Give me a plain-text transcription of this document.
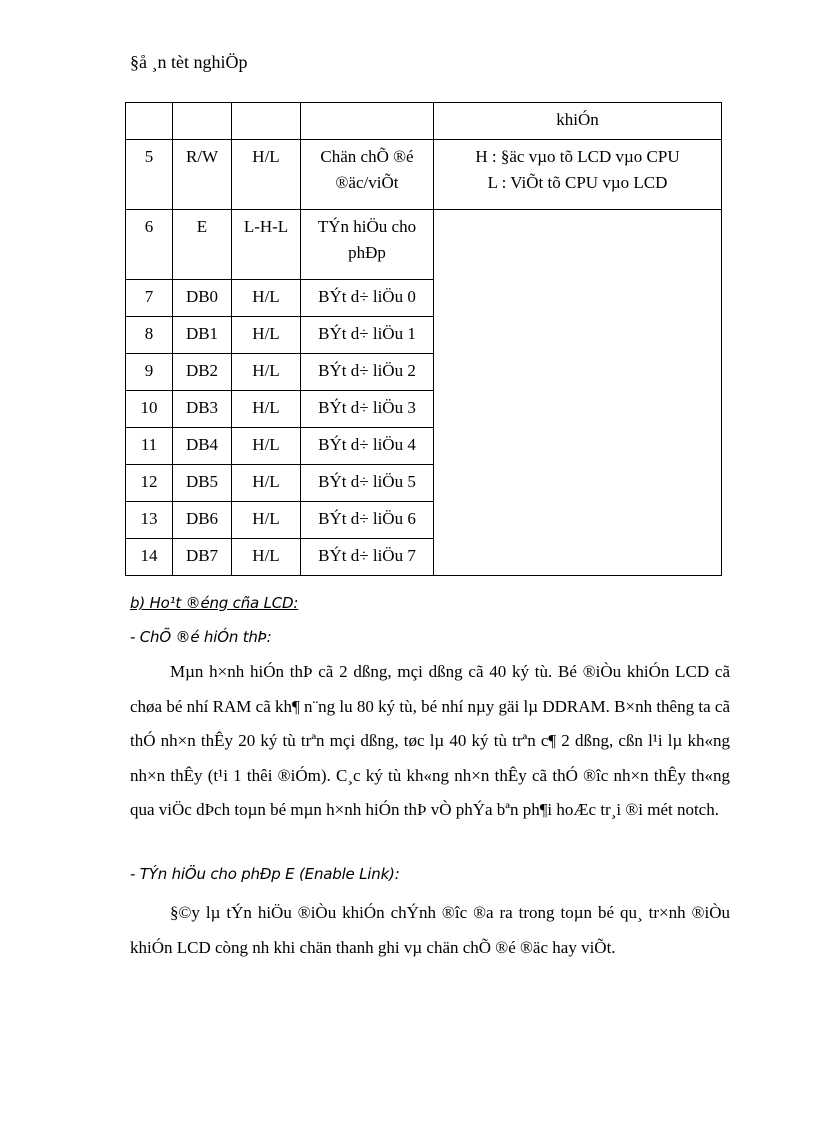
§å ¸n tèt nghiÖp
				khiÓn
5	R/W	H/L	Chän chÕ ®é ®äc/viÕt	H : §äc vµo tõ LCD vµo CPU
L : ViÕt tõ CPU vµo LCD
6	E	L-H-L	TÝn hiÖu cho phÐp	
7	DB0	H/L	BÝt d÷ liÖu 0	
8	DB1	H/L	BÝt d÷ liÖu 1	
9	DB2	H/L	BÝt d÷ liÖu 2	
10	DB3	H/L	BÝt d÷ liÖu 3	
11	DB4	H/L	BÝt d÷ liÖu 4	
12	DB5	H/L	BÝt d÷ liÖu 5	
13	DB6	H/L	BÝt d÷ liÖu 6	
14	DB7	H/L	BÝt d÷ liÖu 7	
b) Ho¹t ®éng cña LCD:
- ChÕ ®é hiÓn thÞ:
Mµn h×nh hiÓn thÞ cã 2 dßng, mçi dßng cã 40 ký tù. Bé ®iÒu khiÓn LCD cã chøa bé nhí RAM cã kh¶ n¨ng lu 80 ký tù, bé nhí nµy gäi lµ DDRAM. B×nh thêng ta cã thÓ nh×n thÊy 20 ký tù trªn mçi dßng, tøc lµ 40 ký tù trªn c¶ 2 dßng, cßn l¹i lµ kh«ng nh×n thÊy (t¹i 1 thêi ®iÓm). C¸c ký tù kh«ng nh×n thÊy cã thÓ ®îc nh×n thÊy th«ng qua viÖc dÞch toµn bé mµn h×nh hiÓn thÞ vÒ phÝa bªn ph¶i hoÆc tr¸i ®i mét notch.
- TÝn hiÖu cho phÐp E (Enable Link):
§©y lµ tÝn hiÖu ®iÒu khiÓn chÝnh ®îc ®a ra trong toµn bé qu¸ tr×nh ®iÒu khiÓn LCD còng nh khi chän thanh ghi vµ chän chÕ ®é ®äc hay viÕt.
